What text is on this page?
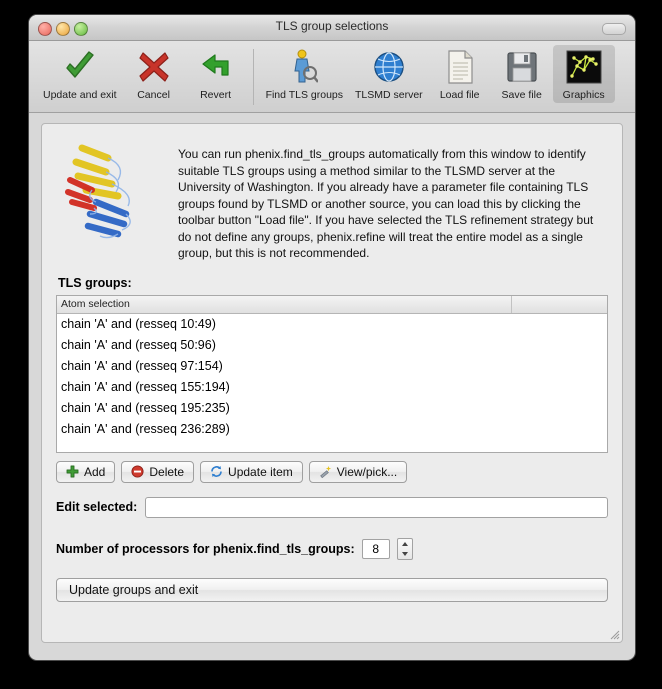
TLS group selections
Update and exit Cancel	Revert	Find TLS groups TLSMD server Load file Save file Graphics
You can run phenix.find_tls_groups automatically from this window to identify suitable TLS groups using a method similar to the TLSMD server at the University of Washington. If you already have a parameter file containing TLS groups found by TLSMD or another source, you can load this by clicking the toolbar button "Load file". If you have selected the TLS refinement strategy but do not define any groups, phenix.refine will treat the entire model as a single group, but this is not recommended.
TLS groups:
Atom selection
chain 'A' and (resseq 10:49)
chain 'A' and (resseq 50:96)
chain 'A' and (resseq 97:154)
chain 'A' and (resseq 155:194)
chain 'A' and (resseq 195:235)
chain 'A' and (resseq 236:289)
Add	Delete	Update item	View/pick...
Edit selected:
Number of processors for phenix.find_tls_groups:
8
Update groups and exit
